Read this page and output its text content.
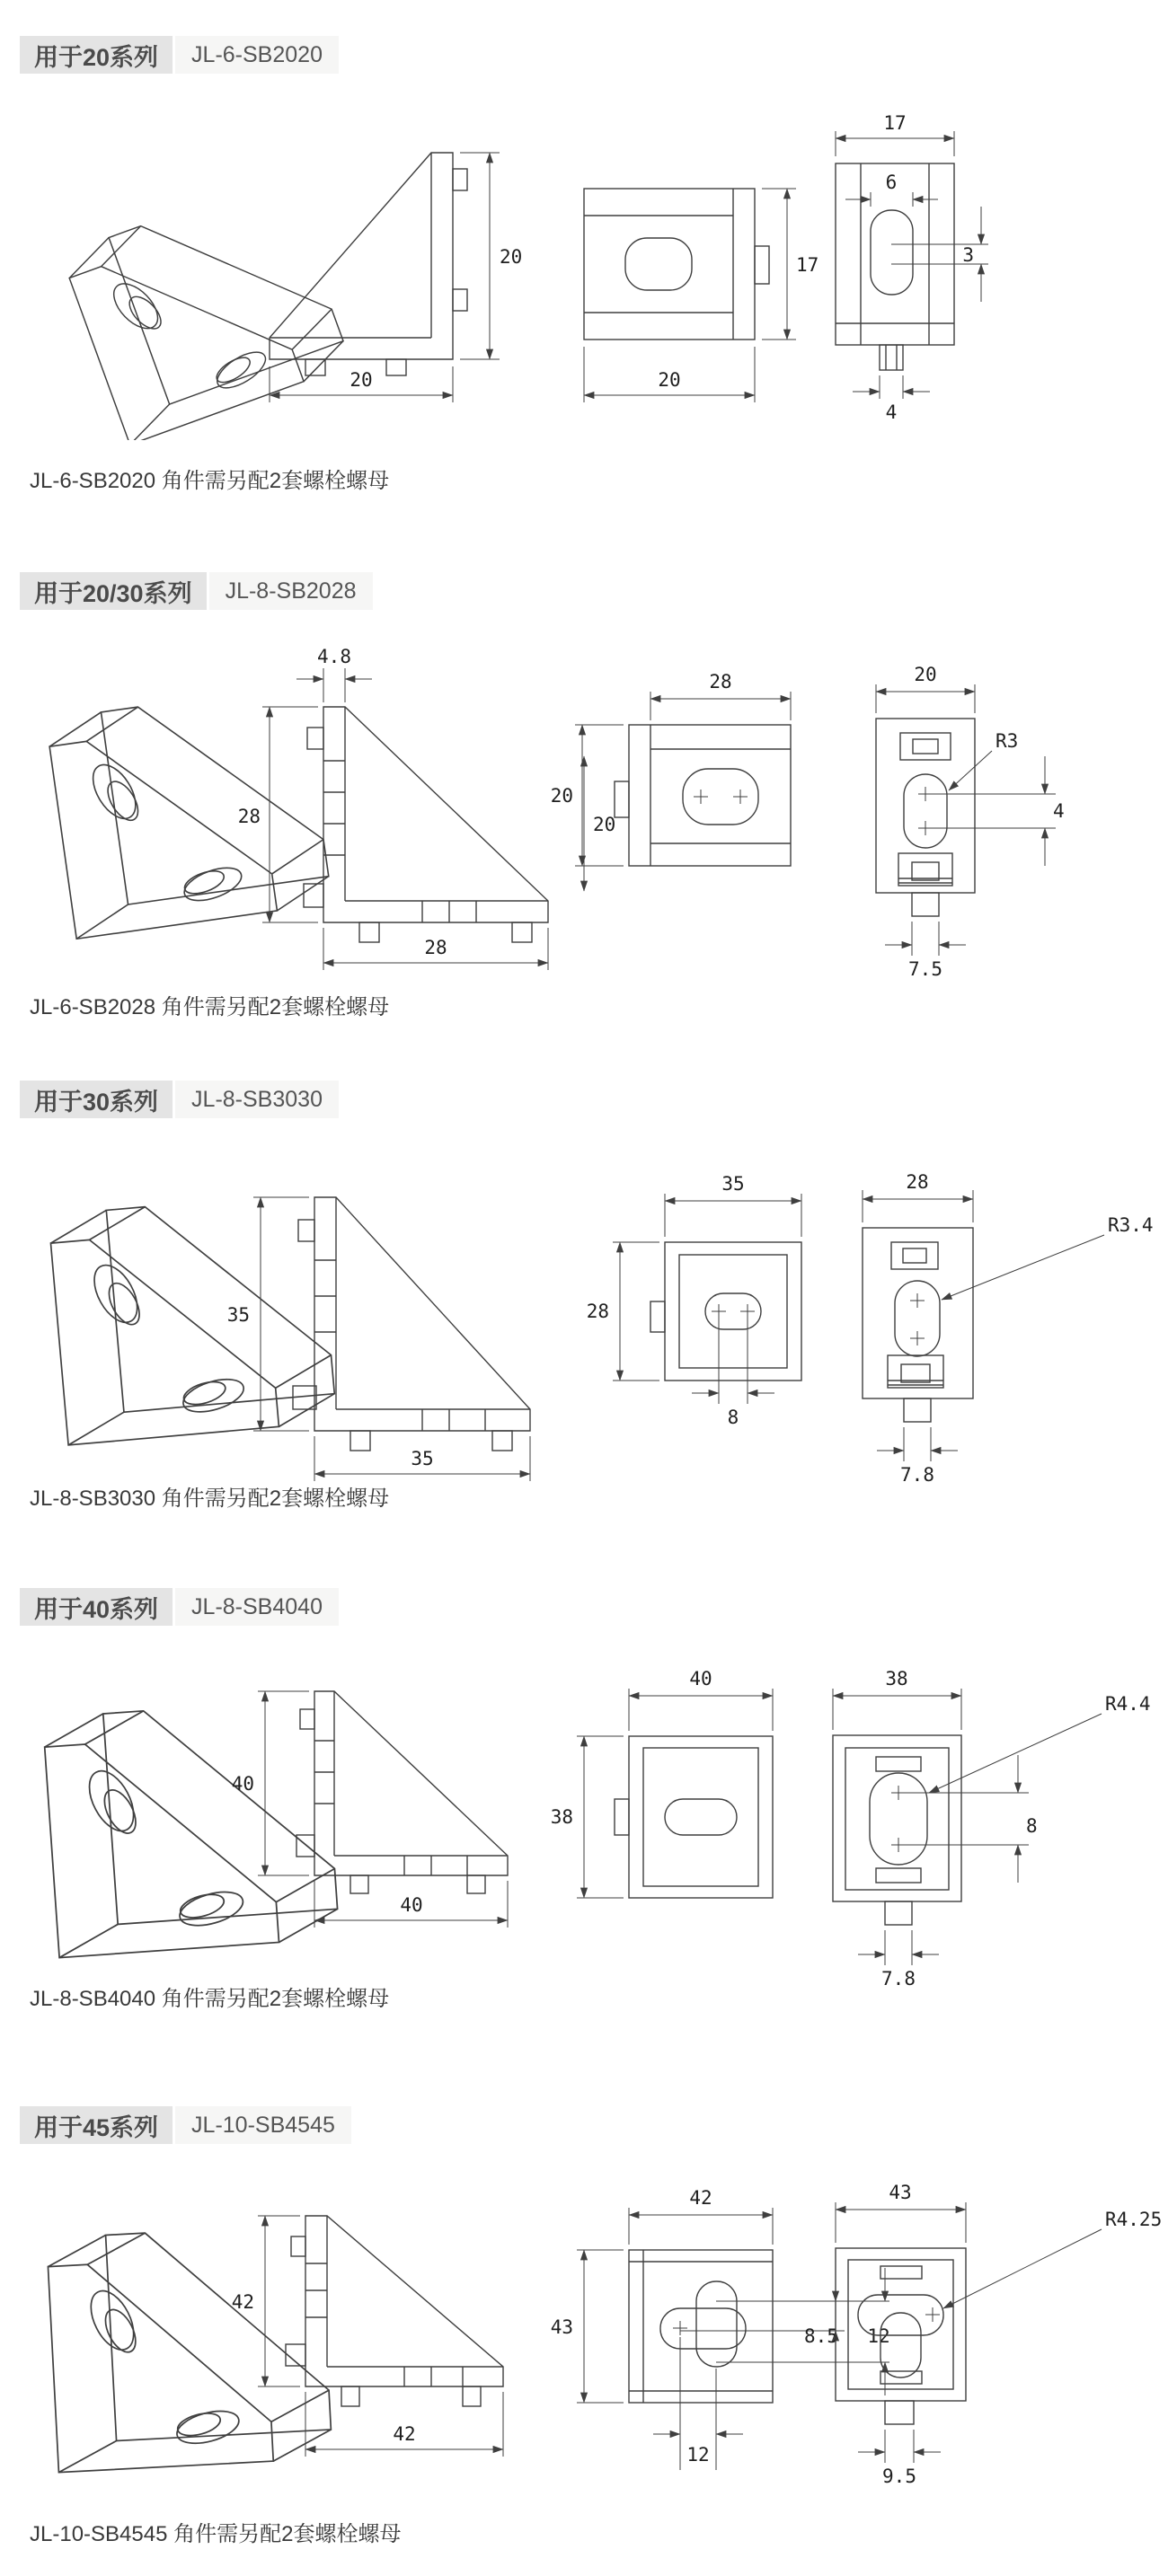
用于20系列	JL-6-SB2020
20
20
17
20
17
6
3
4
JL-6-SB2020 角件需另配2套螺栓螺母
用于20/30系列	JL-8-SB2028
4.8
28	20
28
28
20
20
R3
4
7.5
JL-6-SB2028 角件需另配2套螺栓螺母
用于30系列	JL-8-SB3030
35
35
35
28
8
28
R3.4
7.8
JL-8-SB3030 角件需另配2套螺栓螺母
用于40系列	JL-8-SB4040
40
40
40
38
38
R4.4
8
7.8
JL-8-SB4040 角件需另配2套螺栓螺母
用于45系列	JL-10-SB4545
42
42
8.5 12
12
42
43
43
R4.25
9.5
JL-10-SB4545 角件需另配2套螺栓螺母
